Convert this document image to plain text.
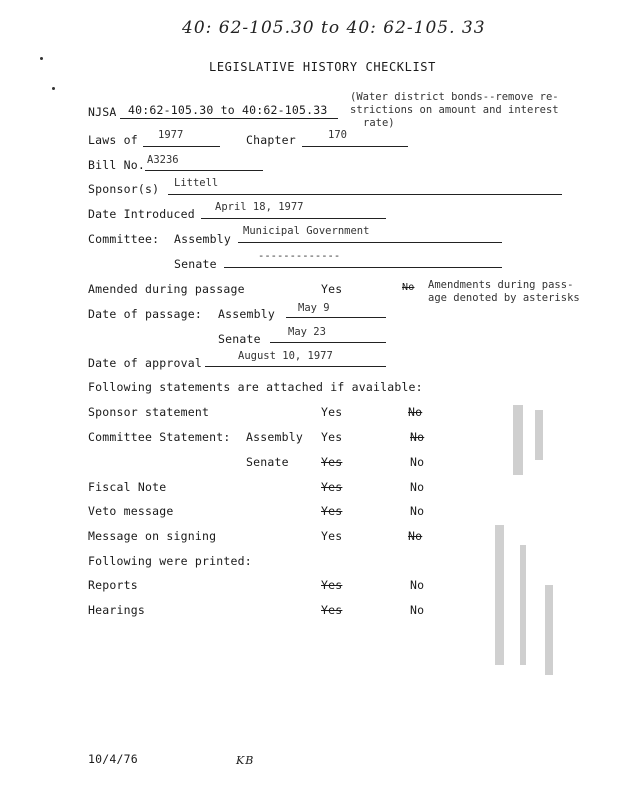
40: 62-105.30 to 40: 62-105. 33
LEGISLATIVE HISTORY CHECKLIST
NJSA 40:62-105.30 to 40:62-105.33
(Water district bonds--remove re-
strictions on amount and interest
rate)
Laws of 1977	Chapter	170
Bill No. A3236
Sponsor(s) Littell
Date Introduced April 18, 1977
Committee: Assembly
Municipal Government
Senate
-------------
Amended during passage	Yes	No Amendments during pass-
age denoted by asterisks
Date of passage: Assembly May 9
Senate	May 23
Date of approval	August 10, 1977
Following statements are attached if available:
Sponsor statement	Yes	No
Committee Statement: Assembly Yes	No
Senate	Yes	No
Fiscal Note	Yes	No
Veto message	Yes	No
Message on signing	Yes	No
Following were printed:
Reports	Yes	No
Hearings	Yes	No
10/4/76	KB
